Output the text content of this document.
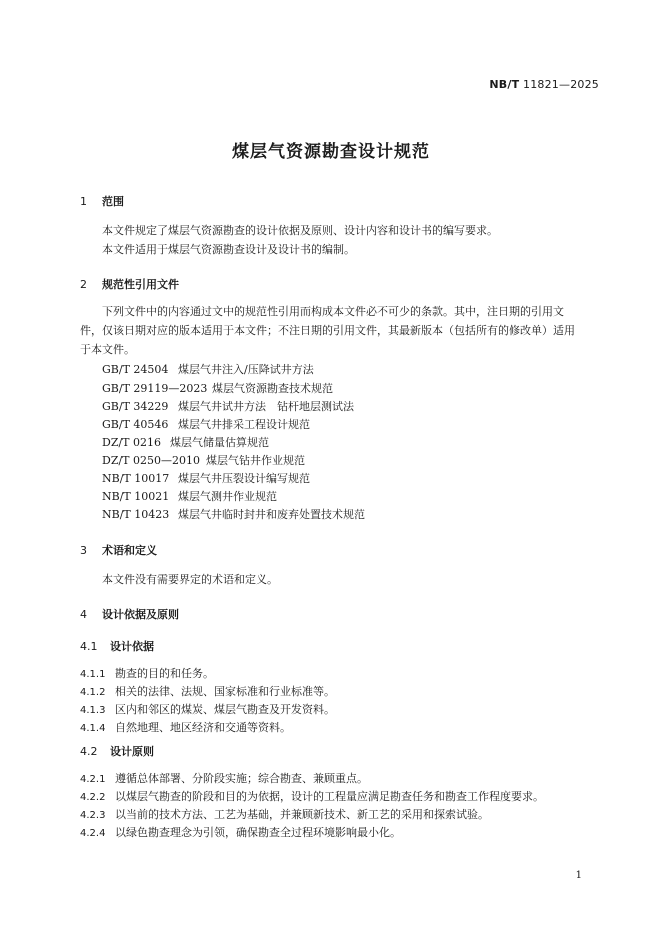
NB/T 11821—2025
煤层气资源勘查设计规范
1 范围
本文件规定了煤层气资源勘查的设计依据及原则、设计内容和设计书的编写要求。
本文件适用于煤层气资源勘查设计及设计书的编制。
2 规范性引用文件
下列文件中的内容通过文中的规范性引用而构成本文件必不可少的条款。其中，注日期的引用文件，仅该日期对应的版本适用于本文件；不注日期的引用文件，其最新版本（包括所有的修改单）适用于本文件。
GB/T 24504 煤层气井注入/压降试井方法
GB/T 29119—2023 煤层气资源勘查技术规范
GB/T 34229 煤层气井试井方法　钻杆地层测试法
GB/T 40546 煤层气井排采工程设计规范
DZ/T 0216 煤层气储量估算规范
DZ/T 0250—2010 煤层气钻井作业规范
NB/T 10017 煤层气井压裂设计编写规范
NB/T 10021 煤层气测井作业规范
NB/T 10423 煤层气井临时封井和废弃处置技术规范
3 术语和定义
本文件没有需要界定的术语和定义。
4 设计依据及原则
4.1 设计依据
4.1.1 勘查的目的和任务。
4.1.2 相关的法律、法规、国家标准和行业标准等。
4.1.3 区内和邻区的煤炭、煤层气勘查及开发资料。
4.1.4 自然地理、地区经济和交通等资料。
4.2 设计原则
4.2.1 遵循总体部署、分阶段实施；综合勘查、兼顾重点。
4.2.2 以煤层气勘查的阶段和目的为依据，设计的工程量应满足勘查任务和勘查工作程度要求。
4.2.3 以当前的技术方法、工艺为基础，并兼顾新技术、新工艺的采用和探索试验。
4.2.4 以绿色勘查理念为引领，确保勘查全过程环境影响最小化。
1
